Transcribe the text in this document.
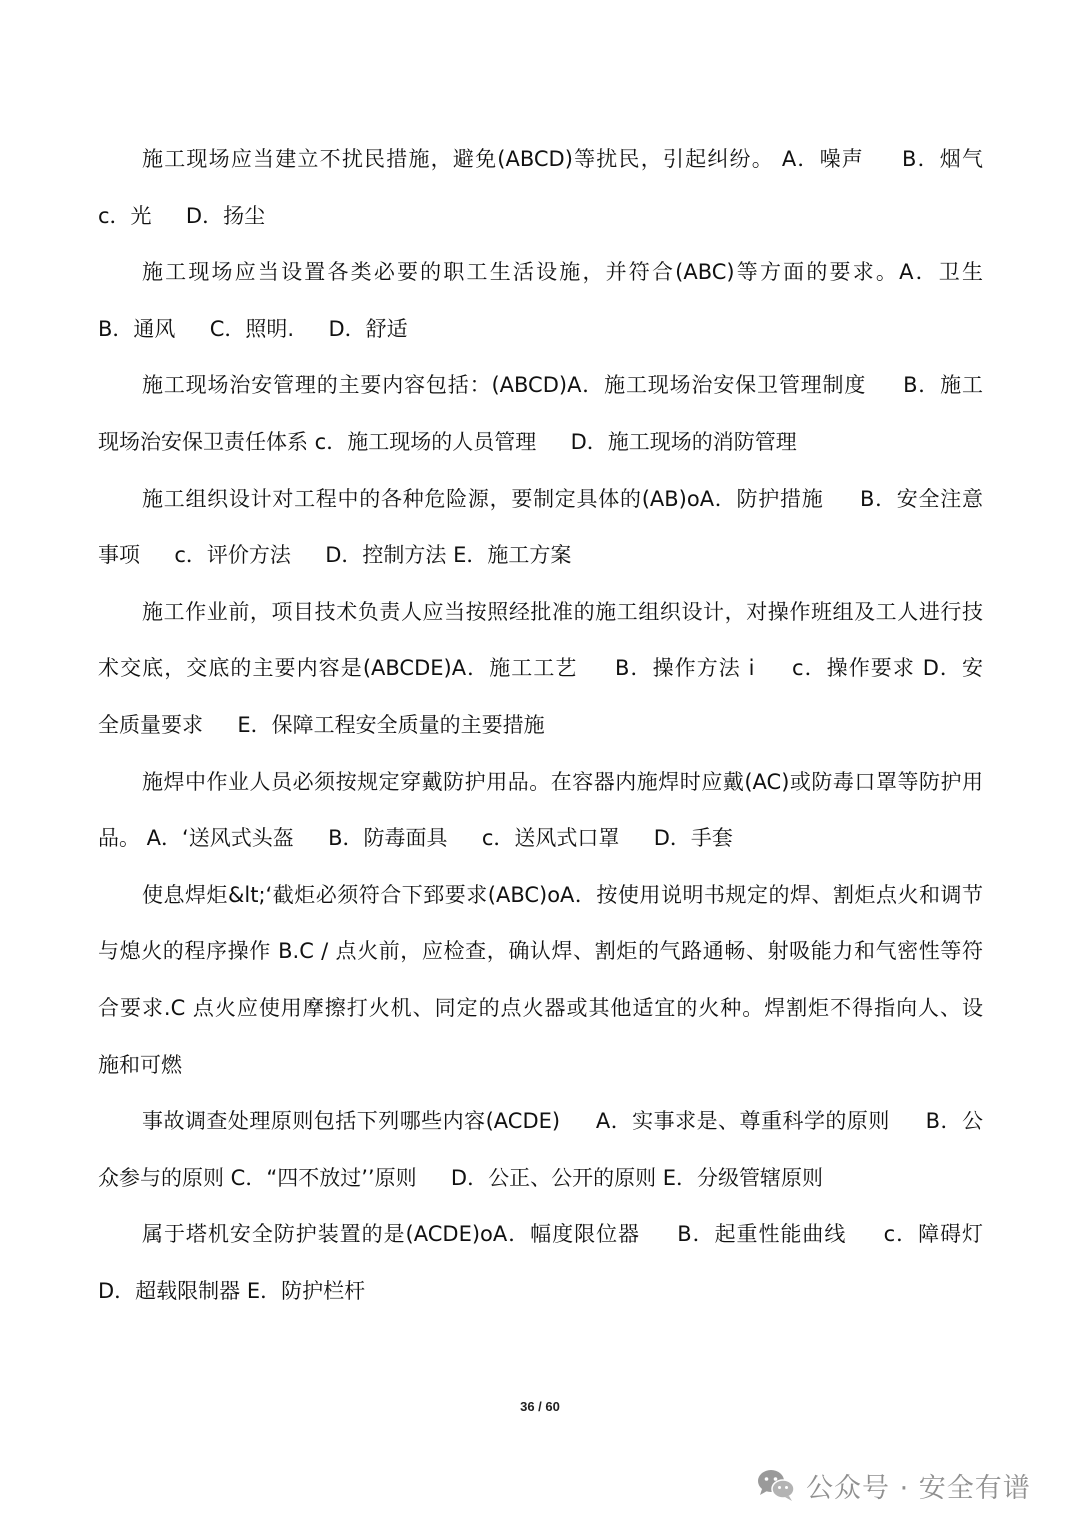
施工现场应当建立不扰民措施，避免(ABCD)等扰民，引起纠纷。 A．噪声 　 B．烟气
c．光 　 D．扬尘
施工现场应当设置各类必要的职工生活设施，并符合(ABC)等方面的要求。A．卫生
B．通风 　 C．照明. 　 D．舒适
施工现场治安管理的主要内容包括：(ABCD)A．施工现场治安保卫管理制度 　 B．施工
现场治安保卫责任体系 c．施工现场的人员管理 　 D．施工现场的消防管理
施工组织设计对工程中的各种危险源，要制定具体的(AB)oA．防护措施 　 B．安全注意
事项 　 c．评价方法 　 D．控制方法 E．施工方案
施工作业前，项目技术负责人应当按照经批准的施工组织设计，对操作班组及工人进行技
术交底，交底的主要内容是(ABCDE)A．施工工艺 　 B．操作方法 i 　 c．操作要求 D．安
全质量要求 　 E．保障工程安全质量的主要措施
施焊中作业人员必须按规定穿戴防护用品。在容器内施焊时应戴(AC)或防毒口罩等防护用
品。 A．‘送风式头盔 　 B．防毒面具 　 c．送风式口罩 　 D．手套
使息焊炬&lt;‘截炬必须符合下郅要求(ABC)oA．按使用说明书规定的焊、割炬点火和调节
与熄火的程序操作 B.C / 点火前，应检查，确认焊、割炬的气路通畅、射吸能力和气密性等符
合要求.C 点火应使用摩擦打火机、同定的点火器或其他适宜的火种。焊割炬不得指向人、设
施和可燃
事故调查处理原则包括下列哪些内容(ACDE) 　 A．实事求是、尊重科学的原则 　 B．公
众参与的原则 C．“四不放过’’原则 　 D．公正、公开的原则 E．分级管辖原则
属于塔机安全防护装置的是(ACDE)oA．幅度限位器 　 B．起重性能曲线 　 c．障碍灯
D．超载限制器 E．防护栏杆
36 / 60
公众号 · 安全有谱
